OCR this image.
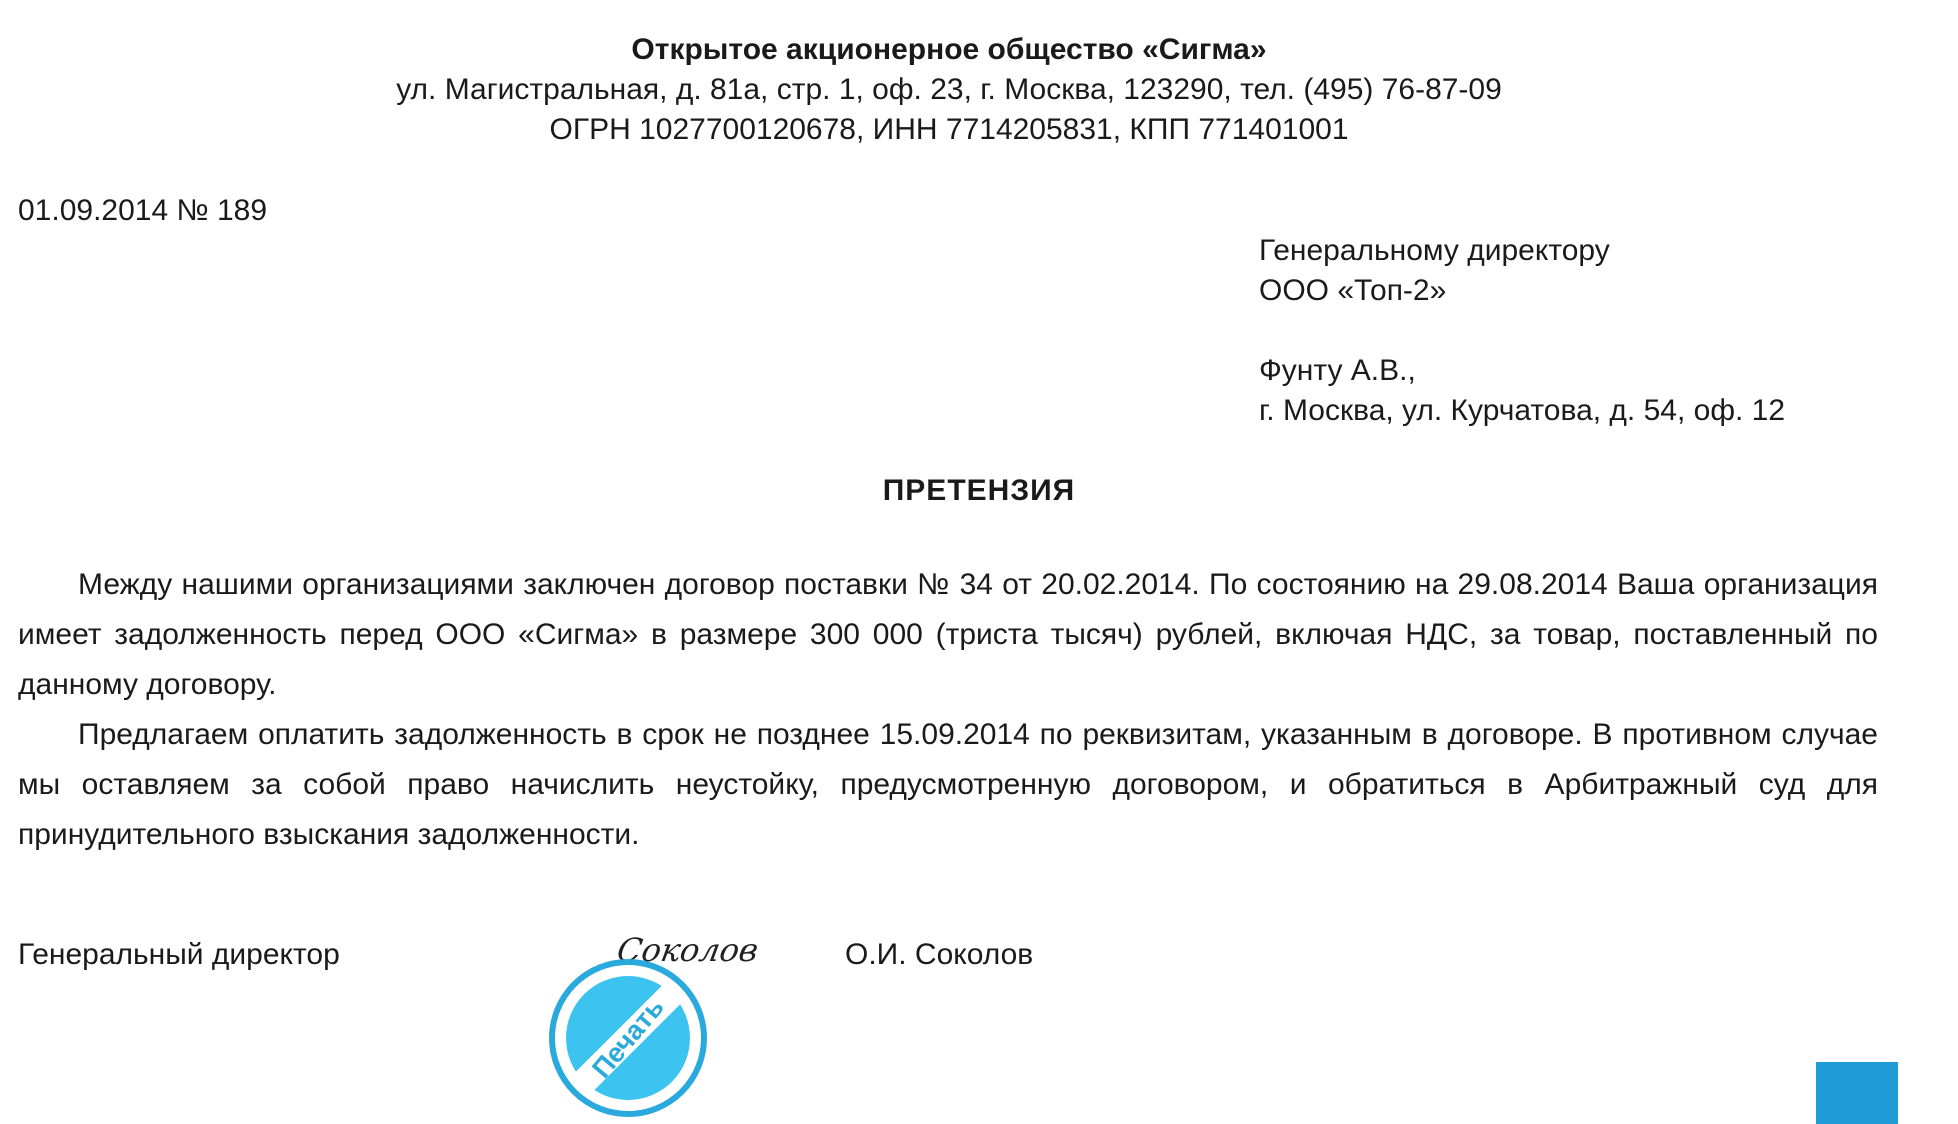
Открытое акционерное общество «Сигма»
ул. Магистральная, д. 81а, стр. 1, оф. 23, г. Москва, 123290, тел. (495) 76-87-09
ОГРН 1027700120678, ИНН 7714205831, КПП 771401001
01.09.2014 № 189
Генеральному директору
ООО «Топ-2»
Фунту А.В.,
г. Москва, ул. Курчатова, д. 54, оф. 12
ПРЕТЕНЗИЯ

Между нашими организациями заключен договор поставки № 34 от 20.02.2014. По состоянию на 29.08.2014 Ваша организация имеет задолженность перед ООО «Сигма» в размере 300 000 (триста тысяч) рублей, включая НДС, за товар, поставленный по данному договору.

Предлагаем оплатить задолженность в срок не позднее 15.09.2014 по реквизитам, указанным в договоре. В противном случае мы оставляем за собой право начислить неустойку, предусмотренную договором, и обратиться в Арбитражный суд для принудительного взыскания задолженности.

Генеральный директор	Соколов	О.И. Соколов
Печать
